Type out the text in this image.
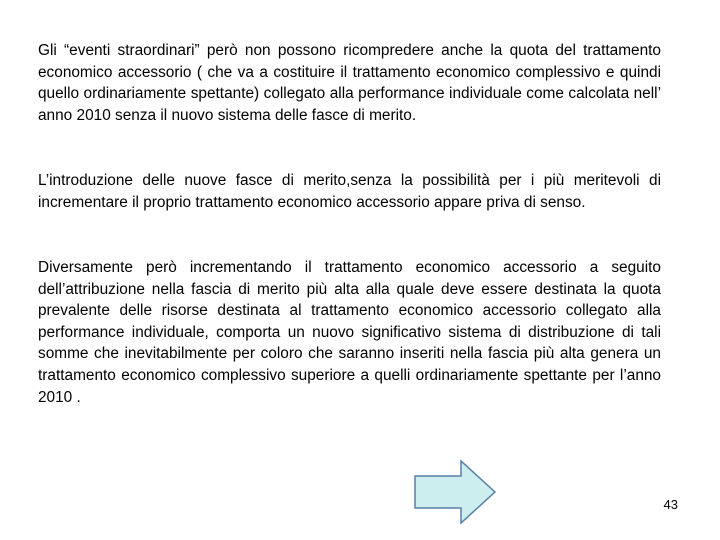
Gli “eventi straordinari” però non possono ricompredere anche la quota del trattamento economico accessorio ( che va a costituire il trattamento economico complessivo e quindi quello ordinariamente spettante) collegato alla performance individuale come calcolata nell’ anno 2010 senza il nuovo sistema delle fasce di merito.

L’introduzione delle nuove fasce di merito,senza la possibilità per i più meritevoli di incrementare il proprio trattamento economico accessorio appare priva di senso.

Diversamente però incrementando il trattamento economico accessorio a seguito dell’attribuzione nella fascia di merito più alta alla quale deve essere destinata la quota prevalente delle risorse destinata al trattamento economico accessorio collegato alla performance individuale, comporta un nuovo significativo sistema di distribuzione di tali somme che inevitabilmente per coloro che saranno inseriti nella fascia più alta genera un trattamento economico complessivo superiore a quelli ordinariamente spettante per l’anno 2010 .

43
